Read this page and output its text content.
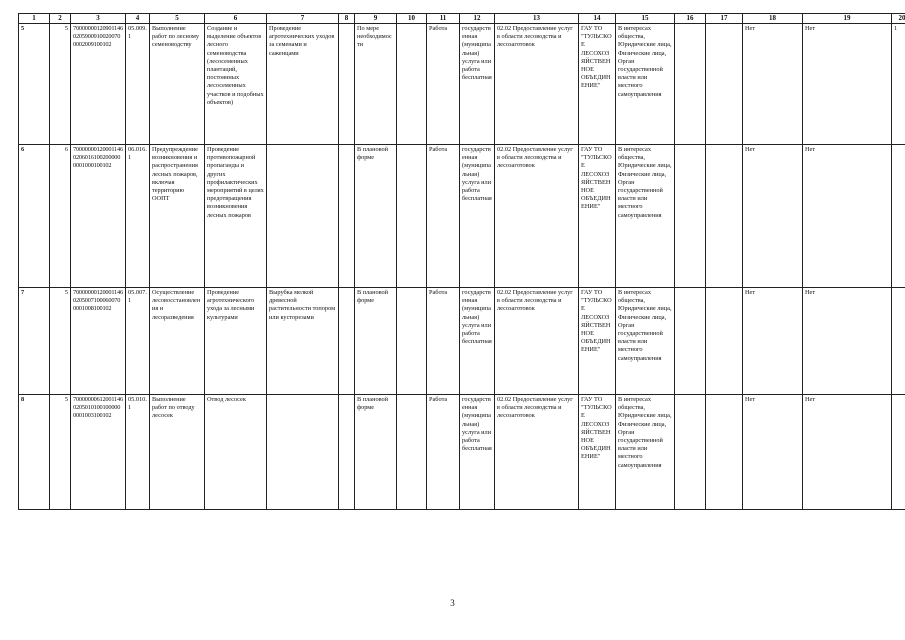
1	2	3	4	5	6	7	8	9	10	11	12	13	14	15	16	17	18	19	20
5	5	7000000012090114602059009100200700002009100102	05.009.1	Выполнение работ по лесному семеноводству	Создание и выделение объектов лесного семеноводства (лесосеменных плантаций, постоянных лесосеменных участков и подобных объектов)	Проведение агротехнических уходов за семенами и саженцами		По мере необходимости		Работа	государственная (муниципальная) услуга или работа бесплатная	02.02 Предоставление услуг в области лесоводства и лесозаготовок	ГАУ ТО "ТУЛЬСКОЕ ЛЕСОХОЗЯЙСТВЕННОЕ ОБЪЕДИНЕНИЕ"	В интересах общества, Юридические лица, Физические лица, Орган государственной власти или местного самоуправления			Нет	Нет	1
6	6	7000000012000114602060161002000000001000100102	06.016.1	Предупреждение возникновения и распространения лесных пожаров, включая территорию ООПТ	Проведение противопожарной пропаганды и других профилактических мероприятий в целях предотвращения возникновения лесных пожаров			В плановой форме		Работа	государственная (муниципальная) услуга или работа бесплатная	02.02 Предоставление услуг в области лесоводства и лесозаготовок	ГАУ ТО "ТУЛЬСКОЕ ЛЕСОХОЗЯЙСТВЕННОЕ ОБЪЕДИНЕНИЕ"	В интересах общества, Юридические лица, Физические лица, Орган государственной власти или местного самоуправления			Нет	Нет	
7	5	7000000012000114602050071000600700001008100102	05.007.1	Осуществление лесовосстановления и лесоразведения	Проведение агротехнического ухода за лесными культурами	Вырубка мелкой древесной растительности топором или кусторезами		В плановой форме		Работа	государственная (муниципальная) услуга или работа бесплатная	02.02 Предоставление услуг в области лесоводства и лесозаготовок	ГАУ ТО "ТУЛЬСКОЕ ЛЕСОХОЗЯЙСТВЕННОЕ ОБЪЕДИНЕНИЕ"	В интересах общества, Юридические лица, Физические лица, Орган государственной власти или местного самоуправления			Нет	Нет	
8	5	7000000061200114602050101001000000001003100102	05.010.1	Выполнение работ по отводу лесосек	Отвод лесосек			В плановой форме		Работа	государственная (муниципальная) услуга или работа бесплатная	02.02 Предоставление услуг в области лесоводства и лесозаготовок	ГАУ ТО "ТУЛЬСКОЕ ЛЕСОХОЗЯЙСТВЕННОЕ ОБЪЕДИНЕНИЕ"	В интересах общества, Юридические лица, Физические лица, Орган государственной власти или местного самоуправления			Нет	Нет	
3
